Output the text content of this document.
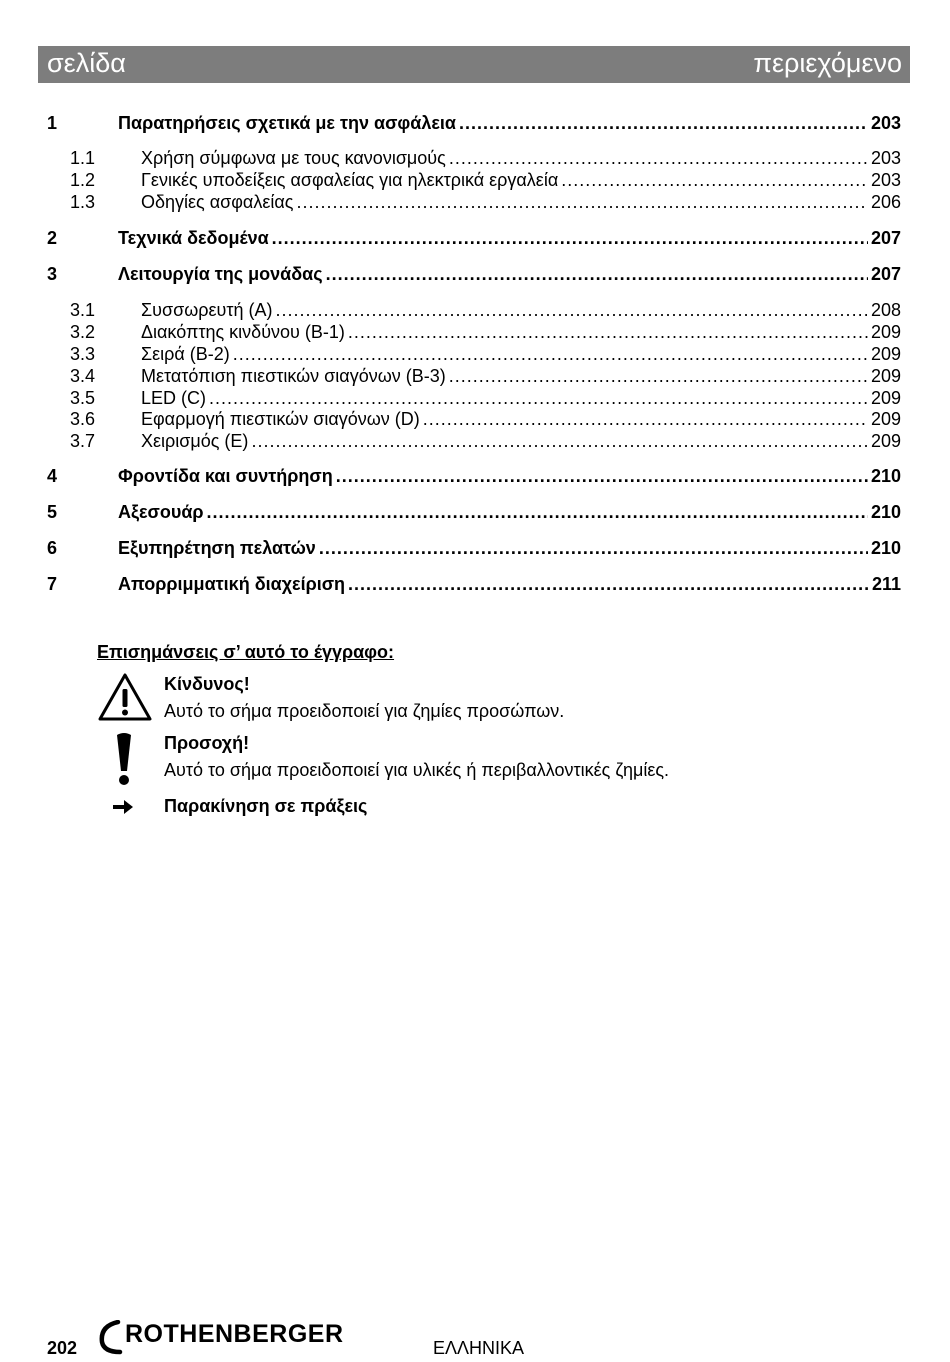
σελίδα	περιεχόμενο
1	Παρατηρήσεις σχετικά με την ασφάλεια .....	203
1.1	Χρήση σύμφωνα με τους κανονισμούς .....	203
1.2	Γενικές υποδείξεις ασφαλείας για ηλεκτρικά εργαλεία .....	203
1.3	Οδηγίες ασφαλείας .....	206
2	Τεχνικά δεδομένα .....	207
3	Λειτουργία της μονάδας .....	207
3.1	Συσσωρευτή (A) .....	208
3.2	Διακόπτης κινδύνου (B-1) .....	209
3.3	Σειρά (B-2) .....	209
3.4	Μετατόπιση πιεστικών σιαγόνων (B-3) .....	209
3.5	LED (C) .....	209
3.6	Εφαρμογή πιεστικών σιαγόνων (D) .....	209
3.7	Χειρισμός (E) .....	209
4	Φροντίδα και συντήρηση .....	210
5	Αξεσουάρ .....	210
6	Εξυπηρέτηση πελατών .....	210
7	Απορριμματική διαχείριση .....	211
Επισημάνσεις σ’ αυτό το έγγραφο:
Κίνδυνος!
Αυτό το σήμα προειδοποιεί για ζημίες προσώπων.
Προσοχή!
Αυτό το σήμα προειδοποιεί για υλικές ή περιβαλλοντικές ζημίες.
Παρακίνηση σε πράξεις
202 ROTHENBERGER	ΕΛΛΗΝΙΚΑ
